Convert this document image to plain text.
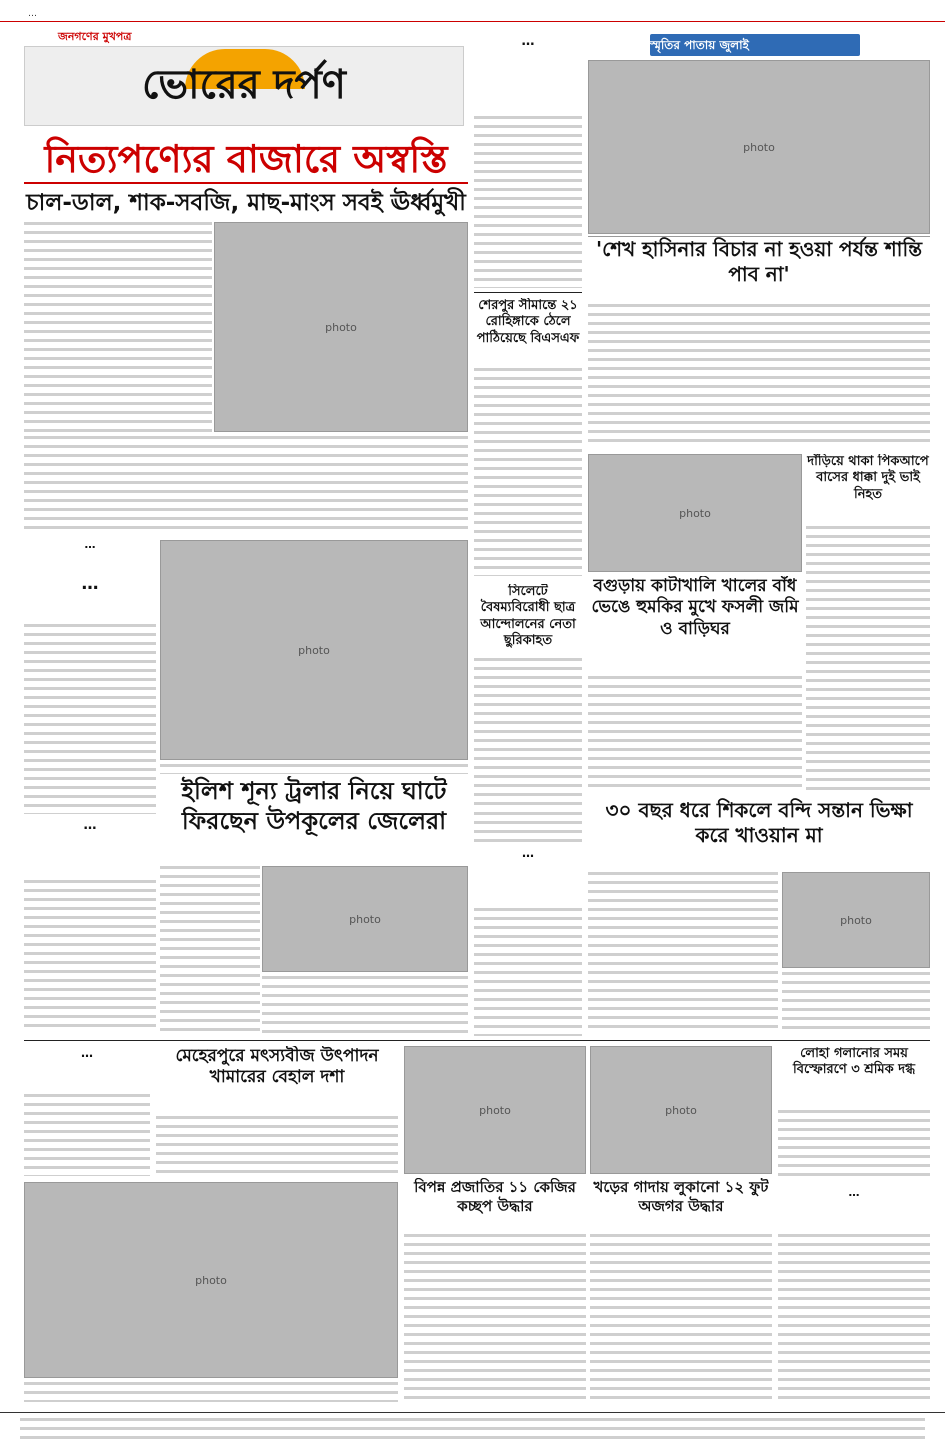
…
জনগণের মুখপত্র
ভোরের দর্পণ
নিত্যপণ্যের বাজারে অস্বস্তি
চাল-ডাল, শাক-সবজি, মাছ-মাংস সবই ঊর্ধ্বমুখী
photo
…
শেরপুর সীমান্তে ২১ রোহিঙ্গাকে ঠেলে পাঠিয়েছে বিএসএফ
সিলেটে বৈষম্যবিরোধী ছাত্র আন্দোলনের নেতা ছুরিকাহত
স্মৃতির পাতায় জুলাই
photo
'শেখ হাসিনার বিচার না হওয়া পর্যন্ত শান্তি পাব না'
…
…
photo
ইলিশ শূন্য ট্রলার নিয়ে ঘাটে ফিরছেন উপকূলের জেলেরা
…
photo
…
photo
বগুড়ায় কাটাখালি খালের বাঁধ ভেঙে হুমকির মুখে ফসলী জমি ও বাড়িঘর
দাঁড়িয়ে থাকা পিকআপে বাসের ধাক্কা দুই ভাই নিহত
৩০ বছর ধরে শিকলে বন্দি সন্তান ভিক্ষা করে খাওয়ান মা
photo
…	মেহেরপুরে মৎস্যবীজ উৎপাদন খামারের বেহাল দশা
photo
বিপন্ন প্রজাতির ১১ কেজির কচ্ছপ উদ্ধার
photo
খড়ের গাদায় লুকানো ১২ ফুট অজগর উদ্ধার
লোহা গলানোর সময় বিস্ফোরণে ৩ শ্রমিক দগ্ধ
…
photo
